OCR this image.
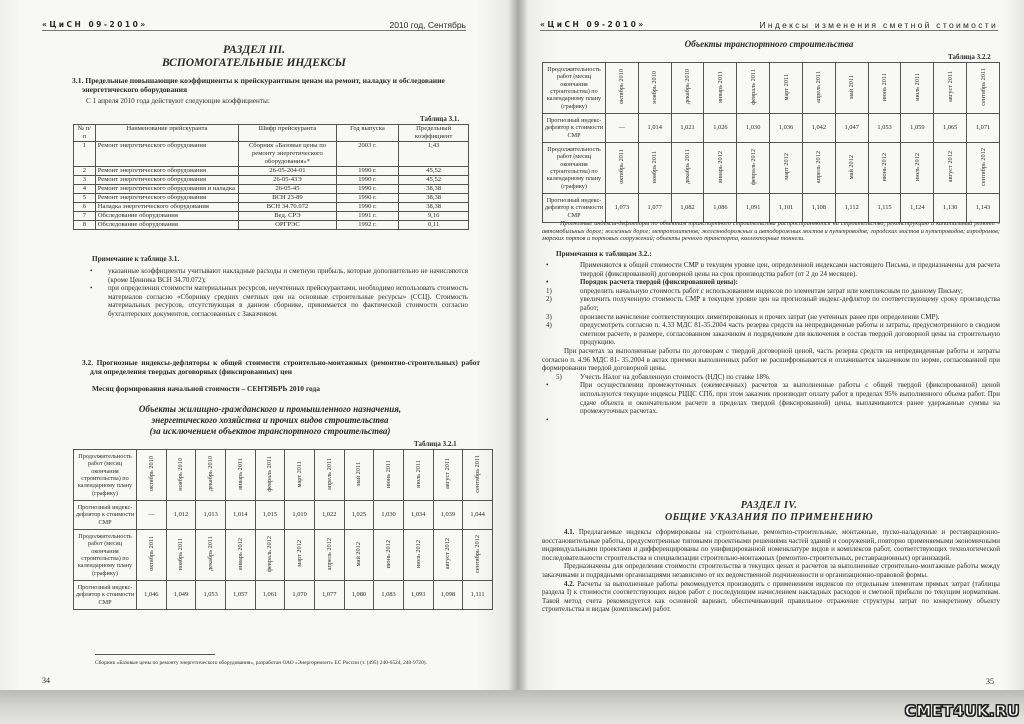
«ЦиСН 09-2010»	2010 год, Сентябрь
РАЗДЕЛ III.
ВСПОМОГАТЕЛЬНЫЕ ИНДЕКСЫ
3.1. Предельные повышающие коэффициенты к прейскурантным ценам на ремонт, наладку и обследование энергетического оборудования
С 1 апреля 2010 года действуют следующие коэффициенты:
Таблица 3.1.
№ п/п	Наименование прейскуранта	Шифр прейскуранта	Год выпуска	Предельный коэффициент
1	Ремонт энергетического оборудования	Сборник «Базовые цены по ремонту энергетического оборудования»*	2003 г.	1,43
2	Ремонт энергетического оборудования	26-05-204-01	1990 г.	45,52
3	Ремонт энергетического оборудования	26-05-43Э	1990 г.	45,52
4	Ремонт энергетического оборудования и наладка	26-05-45	1990 г.	38,38
5	Ремонт энергетического оборудования	ВСН 23-89	1990 г.	38,38
6	Наладка энергетического оборудования	ВСН 34.70.072	1990 г.	38,38
7	Обследование оборудования	Вед. СРЭ	1991 г.	9,16
8	Обследование оборудования	ОРГРЭС	1992 г.	0,11
Примечание к таблице 3.1.
• указанные коэффициенты учитывают накладные расходы и сметную прибыль, которые дополнительно не начисляются (кроме Ценника ВСН 34.70.072);
• при определении стоимости материальных ресурсов, неучтенных прейскурантами, необходимо использовать стоимость материалов согласно «Сборнику средних сметных цен на основные строительные ресурсы» (ССЦ). Стоимость материальных ресурсов, отсутствующая в данном сборнике, принимается по фактической стоимости согласно бухгалтерских документов, согласованных с Заказчиком.
3.2. Прогнозные индексы-дефляторы к общей стоимости строительно-монтажных (ремонтно-строительных) работ для определения твердых договорных (фиксированных) цен
Месяц формирования начальной стоимости – СЕНТЯБРЬ 2010 года
Объекты жилищно-гражданского и промышленного назначения,
энергетического хозяйства и прочих видов строительства
(за исключением объектов транспортного строительства)
Таблица 3.2.1
Продолжительность работ (месяц окончания строительства) по календарному плану (графику)	октябрь 2010	ноябрь 2010	декабрь 2010	январь 2011	февраль 2011	март 2011	апрель 2011	май 2011	июнь 2011	июль 2011	август 2011	сентябрь 2011
Прогнозный индекс-дефлятор к стоимости СМР	—	1,012	1,013	1,014	1,015	1,019	1,022	1,025	1,030	1,034	1,039	1,044
Продолжительность работ (месяц окончания строительства) по календарному плану (графику)	октябрь 2011	ноябрь 2011	декабрь 2011	январь 2012	февраль 2012	март 2012	апрель 2012	май 2012	июнь 2012	июль 2012	август 2012	сентябрь 2012
Прогнозный индекс-дефлятор к стоимости СМР	1,046	1,049	1,053	1,057	1,061	1,070	1,077	1,080	1,083	1,093	1,098	1,111
Сборник «Базовые цены по ремонту энергетического оборудования», разработан ОАО «Энергоремонт» ЕС России (т. (495) 240-6524, 240-9720).
34
«ЦиСН 09-2010»	Индексы изменения сметной стоимости
Объекты транспортного строительства
Таблица 3.2.2
Продолжительность работ (месяц окончания строительства) по календарному плану (графику)	октябрь 2010	ноябрь 2010	декабрь 2010	январь 2011	февраль 2011	март 2011	апрель 2011	май 2011	июнь 2011	июль 2011	август 2011	сентябрь 2011
Прогнозный индекс-дефлятор к стоимости СМР	—	1,014	1,021	1,026	1,030	1,036	1,042	1,047	1,053	1,059	1,065	1,071
Продолжительность работ (месяц окончания строительства) по календарному плану (графику)	октябрь 2011	ноябрь 2011	декабрь 2011	январь 2012	февраль 2012	март 2012	апрель 2012	май 2012	июнь 2012	июль 2012	август 2012	сентябрь 2012
Прогнозный индекс-дефлятор к стоимости СМР	1,073	1,077	1,082	1,086	1,091	1,101	1,108	1,112	1,115	1,124	1,130	1,143
Прогнозные индексы-дефляторы по объектам транспортного строительства распространяются на строительство, реконструкцию и капитальный ремонт – автомобильных дорог; железных дорог; метрополитенов; железнодорожных и автодорожных мостов и путепроводов; городских мостов и путепроводов; аэродромов; морских портов и портовых сооружений; объекты речного транспорта, коллекторные тоннели.
Примечания к таблицам 3.2.:
•	Применяются к общей стоимости СМР в текущем уровне цен, определенной индексами настоящего Письма, и предназначены для расчета твердой (фиксированной) договорной цены на срок производства работ (от 2 до 24 месяцев).
•	Порядок расчета твердой (фиксированной цены):
1)	определить начальную стоимость работ с использованием индексов по элементам затрат или комплексным по данному Письму;
2)	увеличить полученную стоимость СМР в текущем уровне цен на прогнозный индекс-дефлятор по соответствующему сроку производства работ;
3)	произвести начисление соответствующих лимитированных и прочих затрат (не учтенных ранее при определении СМР).
4)	предусмотреть согласно п. 4.33 МДС 81-35.2004 часть резерва средств на непредвиденные работы и затраты, предусмотренного в сводном сметном расчете, в размере, согласованном заказчиком и подрядчиком для включения в состав твердой договорной цены на строительную продукцию.
При расчетах за выполненные работы по договорам с твердой договорной ценой, часть резерва средств на непредвиденные работы и затраты согласно п. 4.96 МДС 81- 35.2004 в актах приемки выполненных работ не расшифровывается и оплачивается заказчиком по норме, согласованной при формировании твердой договорной цены.
5)	Учесть Налог на добавленную стоимость (НДС) по ставке 18%.
•	При осуществлении промежуточных (ежемесячных) расчетов за выполненные работы с общей твердой (фиксированной) ценой используются текущие индексы РЦЦС СПб, при этом заказчик производит оплату работ в пределах 95% выполненного объема работ. При сдаче объекта и окончательном расчете в пределах твердой (фиксированной) цены, выплачиваются ранее удержанные суммы на промежуточных расчетах.
•
РАЗДЕЛ IV.
ОБЩИЕ УКАЗАНИЯ ПО ПРИМЕНЕНИЮ
4.1. Предлагаемые индексы сформированы на строительные, ремонтно-строительные, монтажные, пуско-наладочные и реставрационно-восстановительные работы, предусмотренные типовыми проектными решениями частей зданий и сооружений, повторно применяемыми экономичными индивидуальными проектами и дифференцированы по унифицированной номенклатуре видов и комплексов работ, соответствующих технологической последовательности строительства и специализации строительно-монтажных (ремонтно-строительных, реставрационных) организаций.
Предназначены для определения стоимости строительства в текущих ценах и расчетов за выполненные строительно-монтажные работы между заказчиками и подрядными организациями независимо от их ведомственной подчиненности и организационно-правовой формы.
4.2. Расчеты за выполненные работы рекомендуется производить с применением индексов по отдельным элементам прямых затрат (таблицы раздела I) к стоимости соответствующих видов работ с последующим начислением накладных расходов и сметной прибыли по текущим нормативам. Такой метод счета рекомендуется как основной вариант, обеспечивающий правильное отражение структуры затрат по конкретному объекту строительства и видам (комплексам) работ.
35
СMET4UK.RU
